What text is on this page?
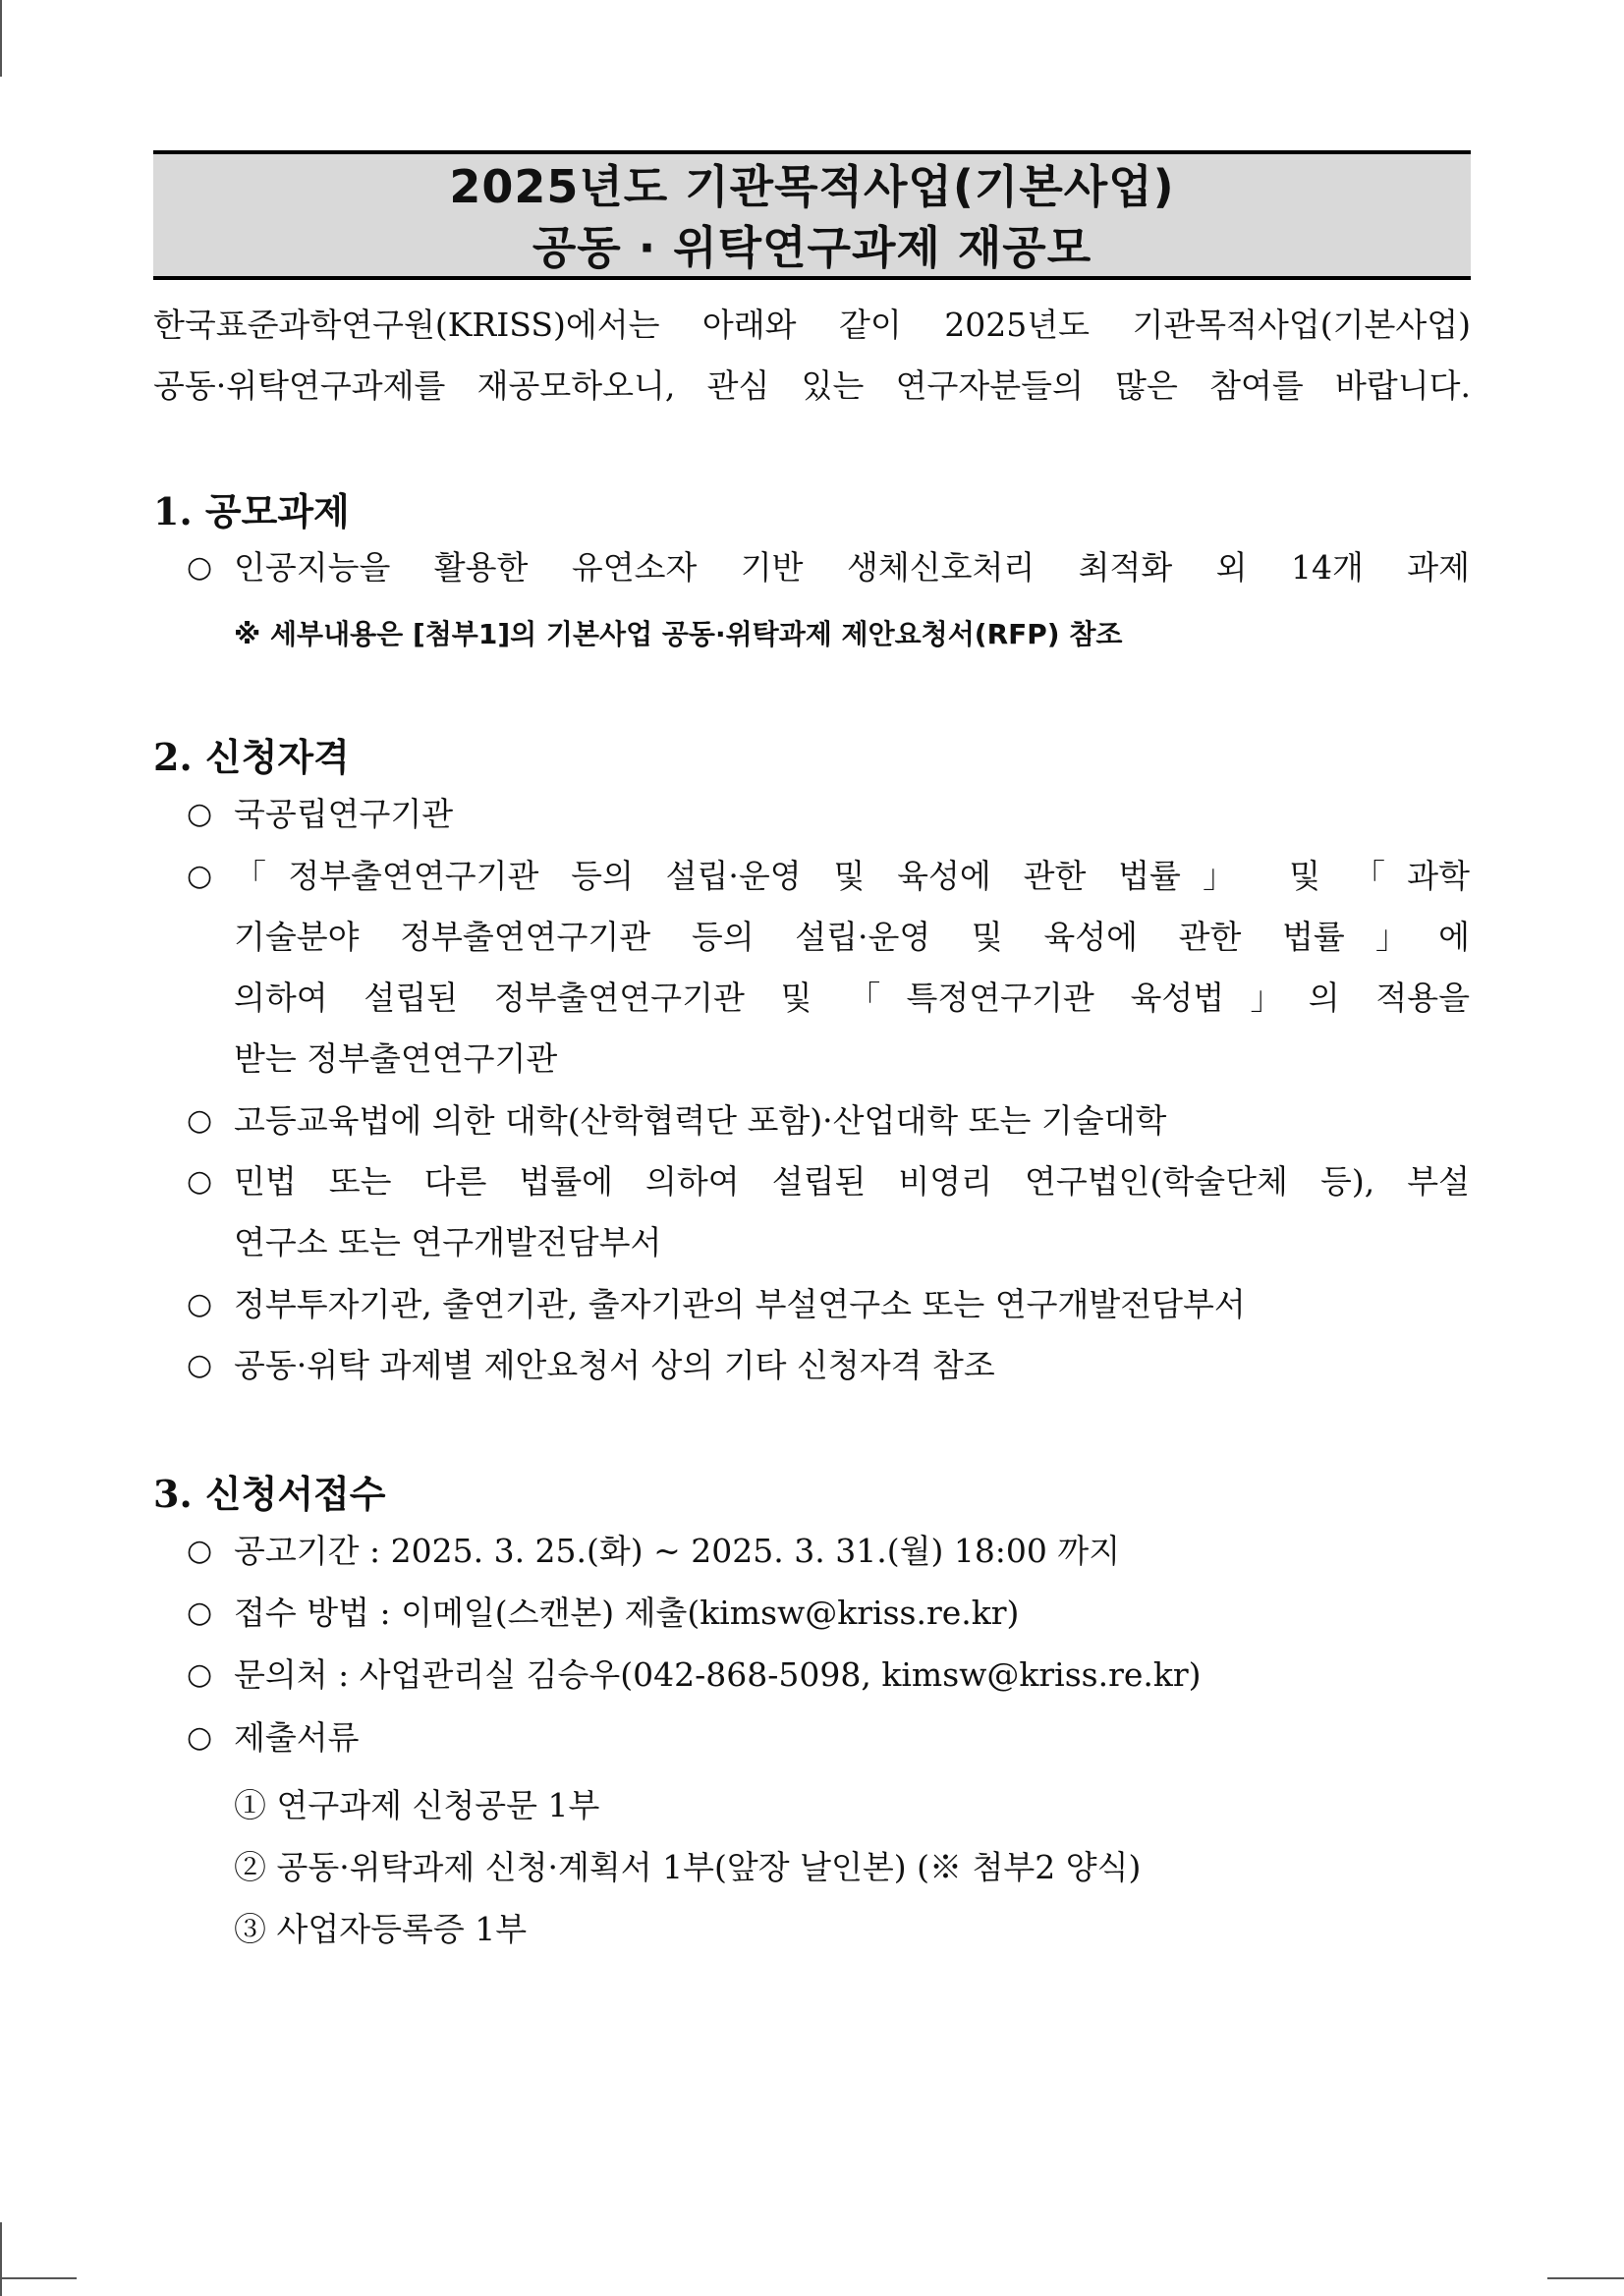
2025년도 기관목적사업(기본사업)
공동 · 위탁연구과제 재공모
한국표준과학연구원(KRISS)에서는 아래와 같이 2025년도 기관목적사업(기본사업)
공동·위탁연구과제를 재공모하오니, 관심 있는 연구자분들의 많은 참여를 바랍니다.
1. 공모과제
○ 인공지능을 활용한 유연소자 기반 생체신호처리 최적화 외 14개 과제
※ 세부내용은 [첨부1]의 기본사업 공동·위탁과제 제안요청서(RFP) 참조
2. 신청자격
○ 국공립연구기관
○ 「정부출연연구기관 등의 설립·운영 및 육성에 관한 법률」 및 「과학
기술분야 정부출연연구기관 등의 설립·운영 및 육성에 관한 법률」에
의하여 설립된 정부출연연구기관 및 「특정연구기관 육성법」의 적용을
받는 정부출연연구기관
○ 고등교육법에 의한 대학(산학협력단 포함)·산업대학 또는 기술대학
○ 민법 또는 다른 법률에 의하여 설립된 비영리 연구법인(학술단체 등), 부설
연구소 또는 연구개발전담부서
○ 정부투자기관, 출연기관, 출자기관의 부설연구소 또는 연구개발전담부서
○ 공동·위탁 과제별 제안요청서 상의 기타 신청자격 참조
3. 신청서접수
○ 공고기간 : 2025. 3. 25.(화) ~ 2025. 3. 31.(월) 18:00 까지
○ 접수 방법 : 이메일(스캔본) 제출(kimsw@kriss.re.kr)
○ 문의처 : 사업관리실 김승우(042-868-5098, kimsw@kriss.re.kr)
○ 제출서류
① 연구과제 신청공문 1부
② 공동·위탁과제 신청·계획서 1부(앞장 날인본) (※ 첨부2 양식)
③ 사업자등록증 1부
